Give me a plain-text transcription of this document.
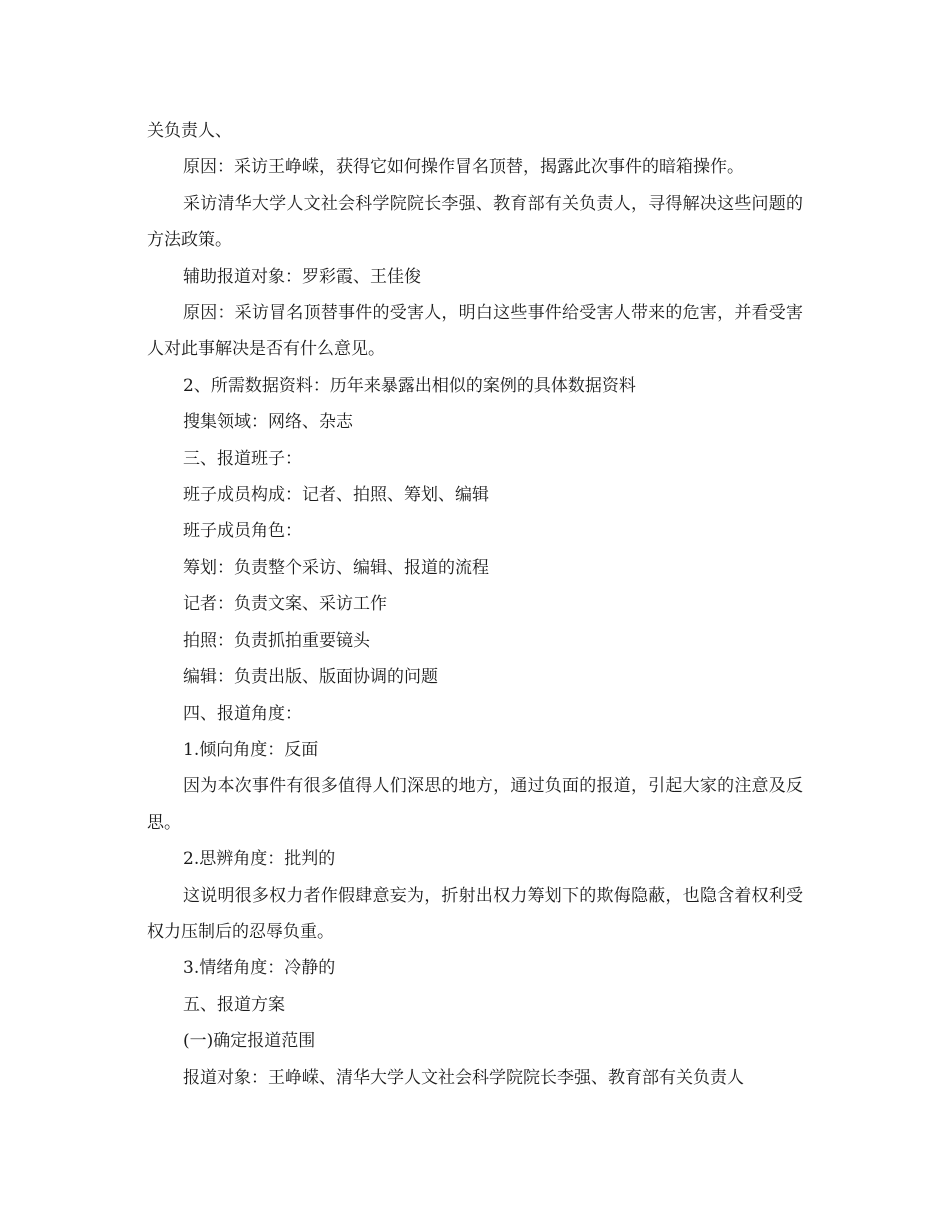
关负责人、

原因：采访王峥嵘，获得它如何操作冒名顶替，揭露此次事件的暗箱操作。

采访清华大学人文社会科学院院长李强、教育部有关负责人，寻得解决这些问题的方法政策。

辅助报道对象：罗彩霞、王佳俊

原因：采访冒名顶替事件的受害人，明白这些事件给受害人带来的危害，并看受害人对此事解决是否有什么意见。

2、所需数据资料：历年来暴露出相似的案例的具体数据资料

搜集领域：网络、杂志

三、报道班子：

班子成员构成：记者、拍照、筹划、编辑

班子成员角色：

筹划：负责整个采访、编辑、报道的流程

记者：负责文案、采访工作

拍照：负责抓拍重要镜头

编辑：负责出版、版面协调的问题

四、报道角度：

1.倾向角度：反面

因为本次事件有很多值得人们深思的地方，通过负面的报道，引起大家的注意及反思。

2.思辨角度：批判的

这说明很多权力者作假肆意妄为，折射出权力筹划下的欺侮隐蔽，也隐含着权利受权力压制后的忍辱负重。

3.情绪角度：冷静的

五、报道方案

(一)确定报道范围

报道对象：王峥嵘、清华大学人文社会科学院院长李强、教育部有关负责人
